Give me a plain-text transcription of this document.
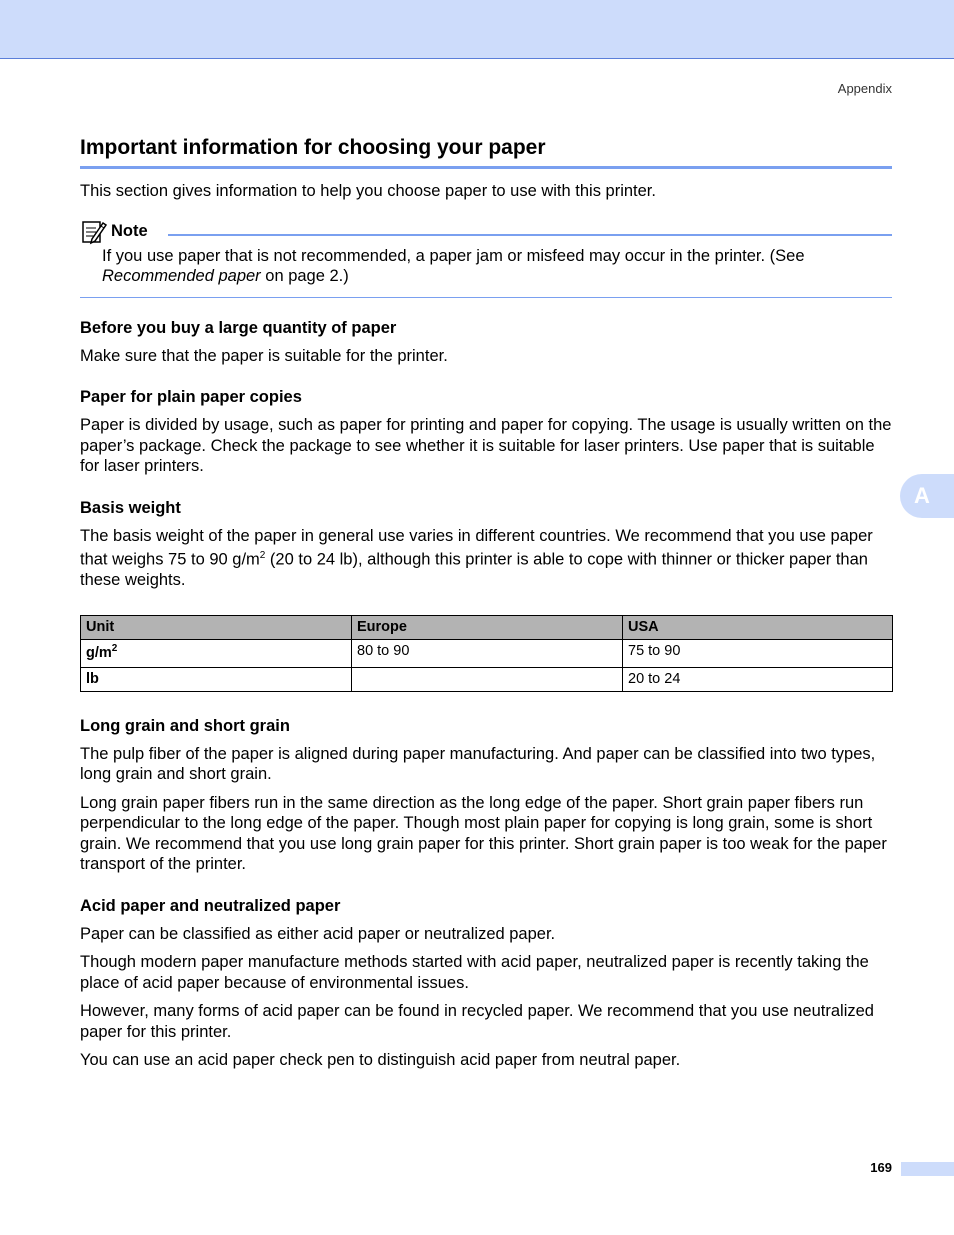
Appendix
A
Important information for choosing your paper

This section gives information to help you choose paper to use with this printer.

Note

If you use paper that is not recommended, a paper jam or misfeed may occur in the printer. (See Recommended paper on page 2.)

Before you buy a large quantity of paper

Make sure that the paper is suitable for the printer.

Paper for plain paper copies

Paper is divided by usage, such as paper for printing and paper for copying. The usage is usually written on the paper’s package. Check the package to see whether it is suitable for laser printers. Use paper that is suitable for laser printers.

Basis weight

The basis weight of the paper in general use varies in different countries. We recommend that you use paper that weighs 75 to 90 $g/m^2$ (20 to 24 lb), although this printer is able to cope with thinner or thicker paper than these weights.

Unit	Europe	USA
$g/m^2$	80 to 90	75 to 90
lb		20 to 24
Long grain and short grain

The pulp fiber of the paper is aligned during paper manufacturing. And paper can be classified into two types, long grain and short grain.

Long grain paper fibers run in the same direction as the long edge of the paper. Short grain paper fibers run perpendicular to the long edge of the paper. Though most plain paper for copying is long grain, some is short grain. We recommend that you use long grain paper for this printer. Short grain paper is too weak for the paper transport of the printer.

Acid paper and neutralized paper

Paper can be classified as either acid paper or neutralized paper.

Though modern paper manufacture methods started with acid paper, neutralized paper is recently taking the place of acid paper because of environmental issues.

However, many forms of acid paper can be found in recycled paper. We recommend that you use neutralized paper for this printer.

You can use an acid paper check pen to distinguish acid paper from neutral paper.

169
